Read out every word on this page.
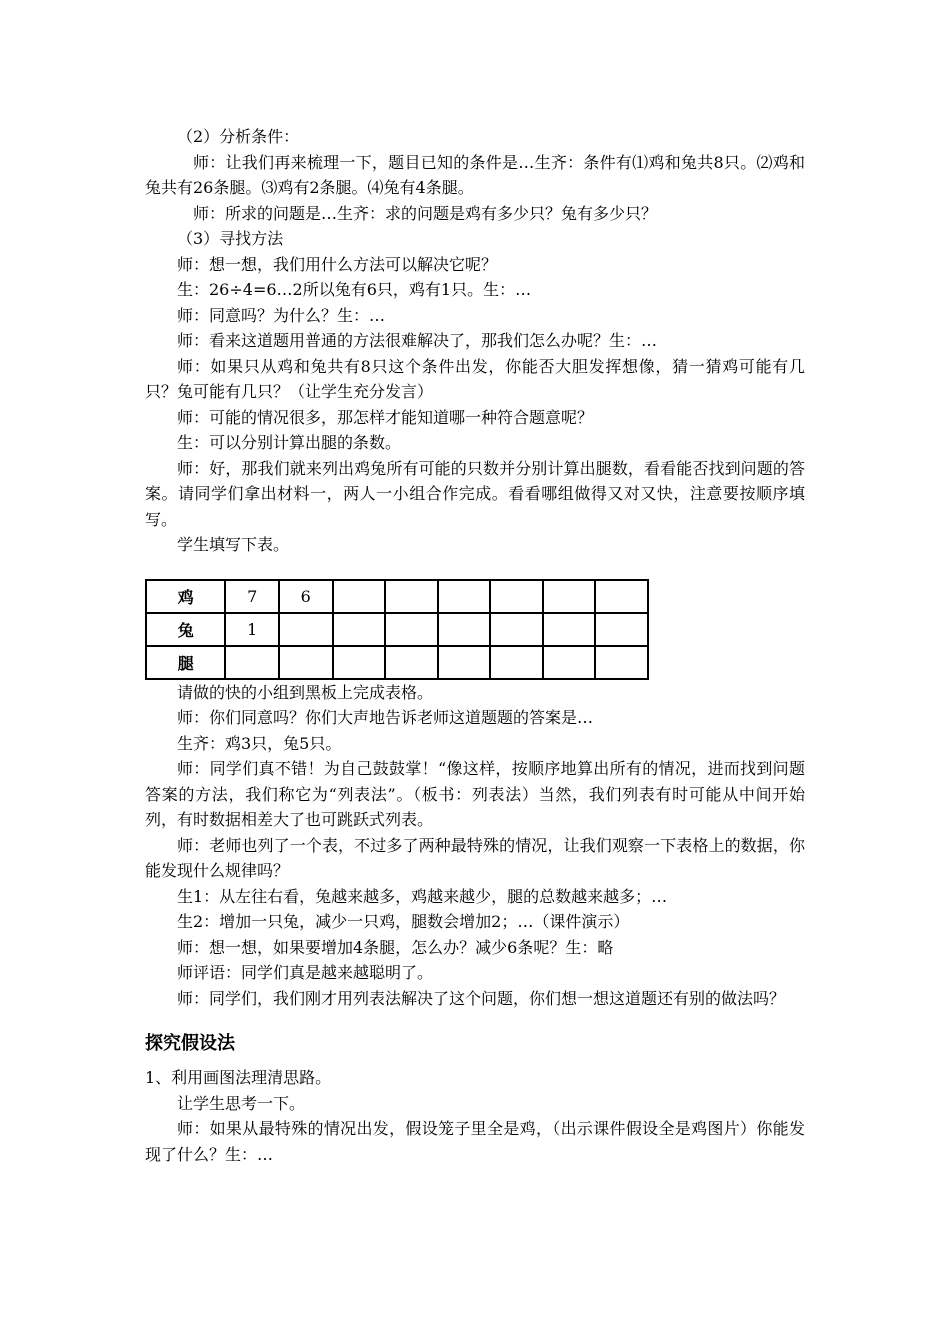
（2）分析条件：

师：让我们再来梳理一下，题目已知的条件是…生齐：条件有⑴鸡和兔共8只。⑵鸡和兔共有26条腿。⑶鸡有2条腿。⑷兔有4条腿。

师：所求的问题是…生齐：求的问题是鸡有多少只？兔有多少只？

（3）寻找方法

师：想一想，我们用什么方法可以解决它呢？

生：26÷4=6…2所以兔有6只，鸡有1只。生：…

师：同意吗？为什么？生：…

师：看来这道题用普通的方法很难解决了，那我们怎么办呢？生：…

师：如果只从鸡和兔共有8只这个条件出发，你能否大胆发挥想像，猜一猜鸡可能有几只？兔可能有几只？（让学生充分发言）

师：可能的情况很多，那怎样才能知道哪一种符合题意呢？

生：可以分别计算出腿的条数。

师：好，那我们就来列出鸡兔所有可能的只数并分别计算出腿数，看看能否找到问题的答案。请同学们拿出材料一，两人一小组合作完成。看看哪组做得又对又快，注意要按顺序填写。

学生填写下表。

鸡	7	6						
兔	1							
腿								

请做的快的小组到黑板上完成表格。

师：你们同意吗？你们大声地告诉老师这道题题的答案是…

生齐：鸡3只，兔5只。

师：同学们真不错！为自己鼓鼓掌！“像这样，按顺序地算出所有的情况，进而找到问题答案的方法，我们称它为“列表法”。（板书：列表法）当然，我们列表有时可能从中间开始列，有时数据相差大了也可跳跃式列表。

师：老师也列了一个表，不过多了两种最特殊的情况，让我们观察一下表格上的数据，你能发现什么规律吗？

生1：从左往右看，兔越来越多，鸡越来越少，腿的总数越来越多；…

生2：增加一只兔，减少一只鸡，腿数会增加2；…（课件演示）

师：想一想，如果要增加4条腿，怎么办？减少6条呢？生：略

师评语：同学们真是越来越聪明了。

师：同学们，我们刚才用列表法解决了这个问题，你们想一想这道题还有别的做法吗？

探究假设法

1、利用画图法理清思路。

让学生思考一下。

师：如果从最特殊的情况出发，假设笼子里全是鸡，（出示课件假设全是鸡图片）你能发现了什么？生：…
